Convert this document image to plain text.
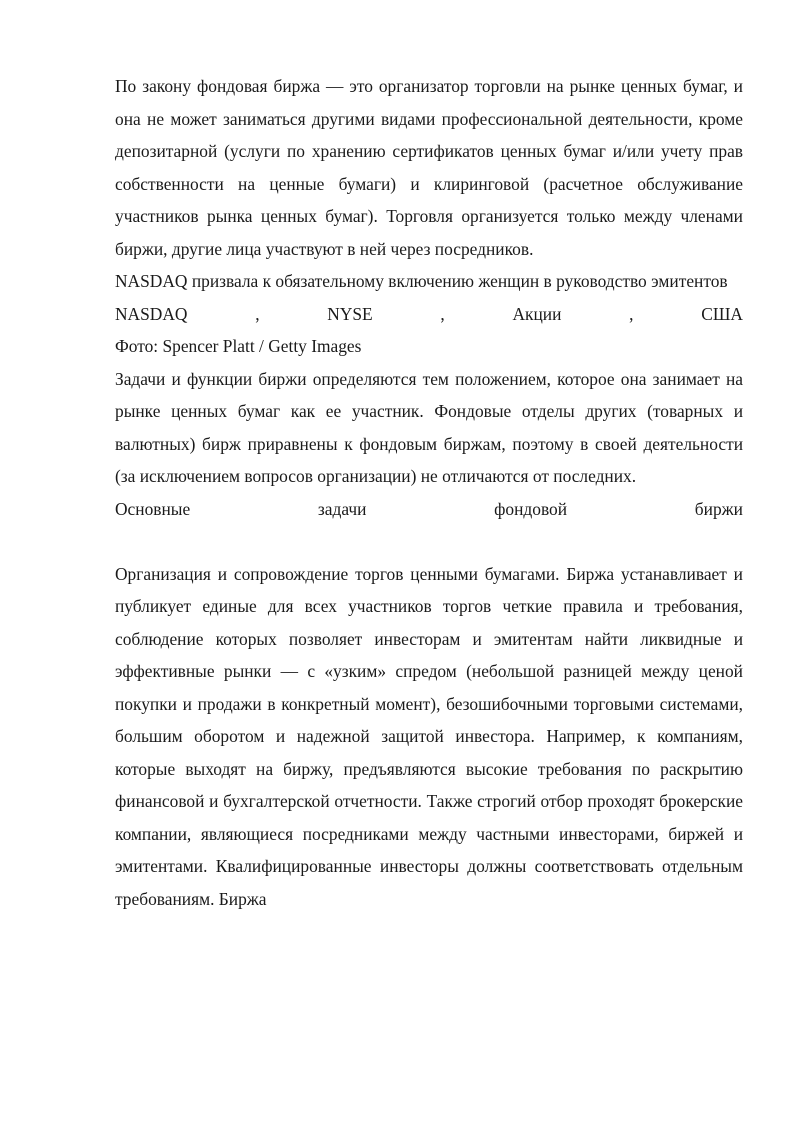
По закону фондовая биржа — это организатор торговли на рынке ценных бумаг, и она не может заниматься другими видами профессиональной деятельности, кроме депозитарной (услуги по хранению сертификатов ценных бумаг и/или учету прав собственности на ценные бумаги) и клиринговой (расчетное обслуживание участников рынка ценных бумаг). Торговля организуется только между членами биржи, другие лица участвуют в ней через посредников.

NASDAQ призвала к обязательному включению женщин в руководство эмитентов

NASDAQ	,	NYSE	,	Акции	,	США

Фото: Spencer Platt / Getty Images

Задачи и функции биржи определяются тем положением, которое она занимает на рынке ценных бумаг как ее участник. Фондовые отделы других (товарных и валютных) бирж приравнены к фондовым биржам, поэтому в своей деятельности (за исключением вопросов организации) не отличаются от последних.

Основные	задачи	фондовой	биржи

Организация и сопровождение торгов ценными бумагами. Биржа устанавливает и публикует единые для всех участников торгов четкие правила и требования, соблюдение которых позволяет инвесторам и эмитентам найти ликвидные и эффективные рынки — с «узким» спредом (небольшой разницей между ценой покупки и продажи в конкретный момент), безошибочными торговыми системами, большим оборотом и надежной защитой инвестора. Например, к компаниям, которые выходят на биржу, предъявляются высокие требования по раскрытию финансовой и бухгалтерской отчетности. Также строгий отбор проходят брокерские компании, являющиеся посредниками между частными инвесторами, биржей и эмитентами. Квалифицированные инвесторы должны соответствовать отдельным требованиям. Биржа
